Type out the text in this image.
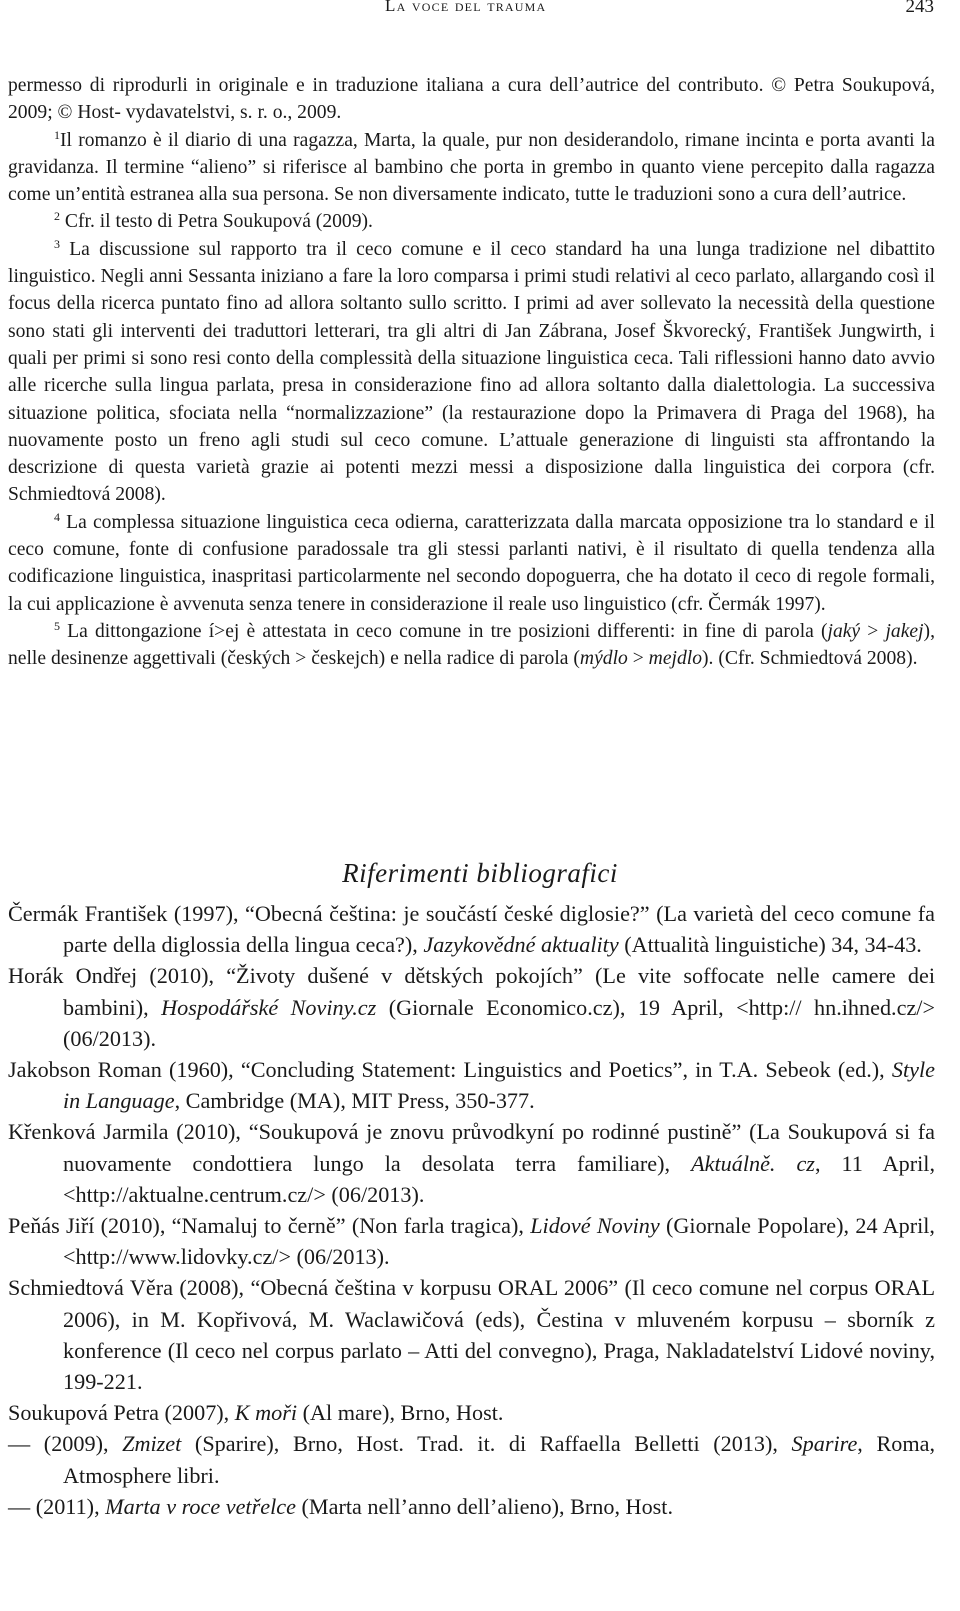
La voce del trauma	243

permesso di riprodurli in originale e in traduzione italiana a cura dell’autrice del contributo. © Petra Soukupová, 2009; © Host- vydavatelstvi, s. r. o., 2009.

$^1$Il romanzo è il diario di una ragazza, Marta, la quale, pur non desiderandolo, rimane incinta e porta avanti la gravidanza. Il termine “alieno” si riferisce al bambino che porta in grembo in quanto viene percepito dalla ragazza come un’entità estranea alla sua persona. Se non diversamente indicato, tutte le traduzioni sono a cura dell’autrice.

$^2$ Cfr. il testo di Petra Soukupová (2009).

$^3$ La discussione sul rapporto tra il ceco comune e il ceco standard ha una lunga tradizione nel dibattito linguistico. Negli anni Sessanta iniziano a fare la loro comparsa i primi studi relativi al ceco parlato, allargando così il focus della ricerca puntato fino ad allora soltanto sullo scritto. I primi ad aver sollevato la necessità della questione sono stati gli interventi dei traduttori letterari, tra gli altri di Jan Zábrana, Josef Škvorecký, František Jungwirth, i quali per primi si sono resi conto della complessità della situazione linguistica ceca. Tali riflessioni hanno dato avvio alle ricerche sulla lingua parlata, presa in considerazione fino ad allora soltanto dalla dialettologia. La successiva situazione politica, sfociata nella “normalizzazione” (la restaurazione dopo la Primavera di Praga del 1968), ha nuovamente posto un freno agli studi sul ceco comune. L’attuale generazione di linguisti sta affrontando la descrizione di questa varietà grazie ai potenti mezzi messi a disposizione dalla linguistica dei corpora (cfr. Schmiedtová 2008).

$^4$ La complessa situazione linguistica ceca odierna, caratterizzata dalla marcata opposizione tra lo standard e il ceco comune, fonte di confusione paradossale tra gli stessi parlanti nativi, è il risultato di quella tendenza alla codificazione linguistica, inaspritasi particolarmente nel secondo dopoguerra, che ha dotato il ceco di regole formali, la cui applicazione è avvenuta senza tenere in considerazione il reale uso linguistico (cfr. Čermák 1997).

$^5$ La dittongazione í>ej è attestata in ceco comune in tre posizioni differenti: in fine di parola (jaký > jakej), nelle desinenze aggettivali (českých > českejch) e nella radice di parola (mýdlo > mejdlo). (Cfr. Schmiedtová 2008).

Riferimenti bibliografici

Čermák František (1997), “Obecná čeština: je součástí české diglosie?” (La varietà del ceco comune fa parte della diglossia della lingua ceca?), Jazykovědné aktuality (Attualità linguistiche) 34, 34-43.

Horák Ondřej (2010), “Životy dušené v dětských pokojích” (Le vite soffocate nelle camere dei bambini), Hospodářské Noviny.cz (Giornale Economico.cz), 19 April, <http:// hn.ihned.cz/> (06/2013).

Jakobson Roman (1960), “Concluding Statement: Linguistics and Poetics”, in T.A. Sebeok (ed.), Style in Language, Cambridge (MA), MIT Press, 350-377.

Křenková Jarmila (2010), “Soukupová je znovu průvodkyní po rodinné pustině” (La Soukupová si fa nuovamente condottiera lungo la desolata terra familiare), Aktuálně. cz, 11 April, <http://aktualne.centrum.cz/> (06/2013).

Peňás Jiří (2010), “Namaluj to černě” (Non farla tragica), Lidové Noviny (Giornale Popolare), 24 April, <http://www.lidovky.cz/> (06/2013).

Schmiedtová Věra (2008), “Obecná čeština v korpusu ORAL 2006” (Il ceco comune nel corpus ORAL 2006), in M. Kopřivová, M. Waclawičová (eds), Čestina v mluveném korpusu – sborník z konference (Il ceco nel corpus parlato – Atti del convegno), Praga, Nakladatelství Lidové noviny, 199-221.

Soukupová Petra (2007), K moři (Al mare), Brno, Host.

— (2009), Zmizet (Sparire), Brno, Host. Trad. it. di Raffaella Belletti (2013), Sparire, Roma, Atmosphere libri.

— (2011), Marta v roce vetřelce (Marta nell’anno dell’alieno), Brno, Host.
